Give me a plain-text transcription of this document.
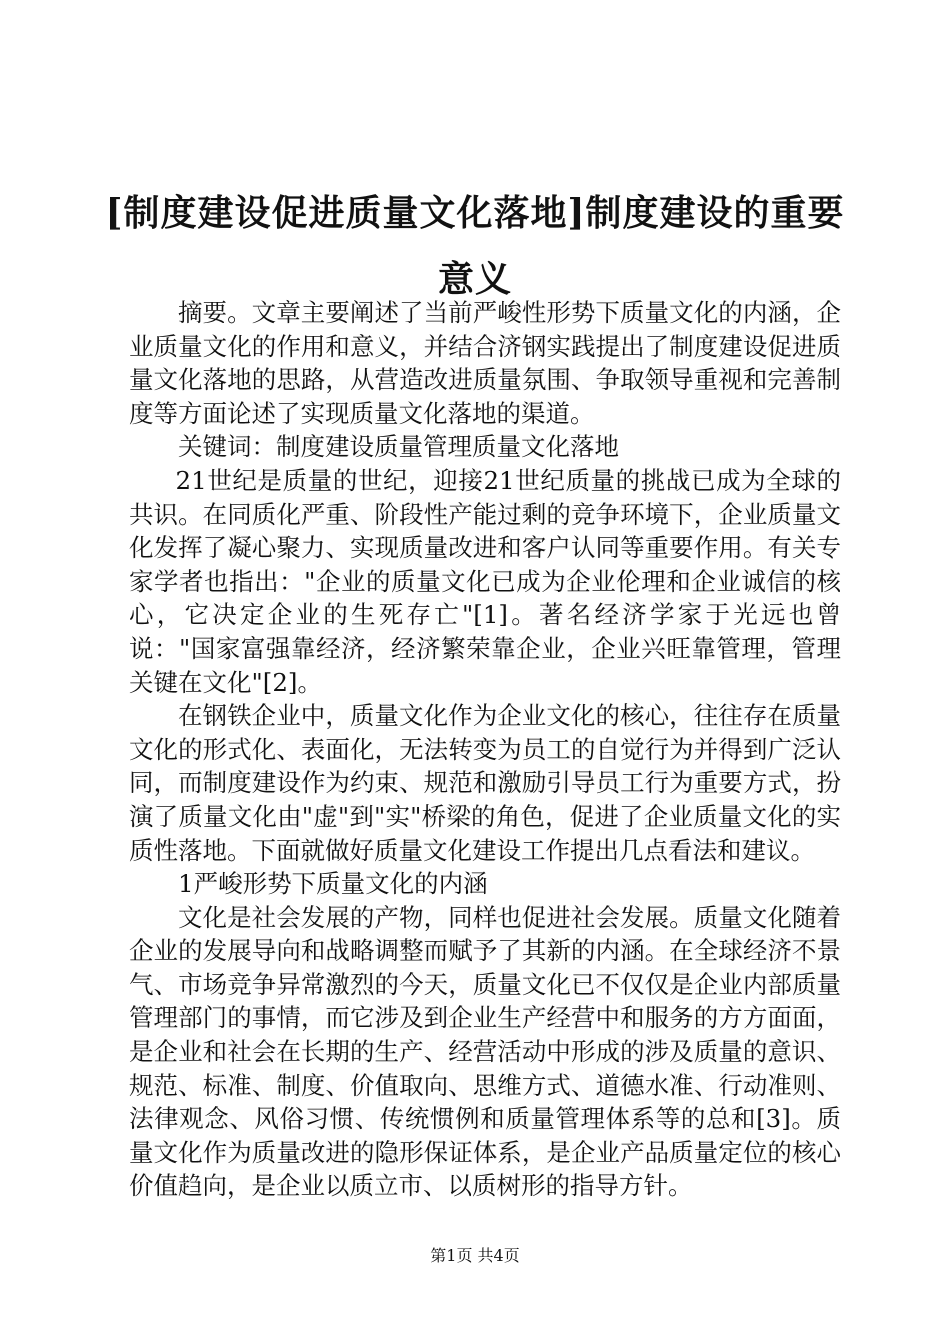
[制度建设促进质量文化落地]制度建设的重要意义

摘要。文章主要阐述了当前严峻性形势下质量文化的内涵，企业质量文化的作用和意义，并结合济钢实践提出了制度建设促进质量文化落地的思路，从营造改进质量氛围、争取领导重视和完善制度等方面论述了实现质量文化落地的渠道。

关键词：制度建设质量管理质量文化落地

21世纪是质量的世纪，迎接21世纪质量的挑战已成为全球的共识。在同质化严重、阶段性产能过剩的竞争环境下，企业质量文化发挥了凝心聚力、实现质量改进和客户认同等重要作用。有关专家学者也指出："企业的质量文化已成为企业伦理和企业诚信的核心，它决定企业的生死存亡"[1]。著名经济学家于光远也曾说："国家富强靠经济，经济繁荣靠企业，企业兴旺靠管理，管理关键在文化"[2]。

在钢铁企业中，质量文化作为企业文化的核心，往往存在质量文化的形式化、表面化，无法转变为员工的自觉行为并得到广泛认同，而制度建设作为约束、规范和激励引导员工行为重要方式，扮演了质量文化由"虚"到"实"桥梁的角色，促进了企业质量文化的实质性落地。下面就做好质量文化建设工作提出几点看法和建议。

1严峻形势下质量文化的内涵

文化是社会发展的产物，同样也促进社会发展。质量文化随着企业的发展导向和战略调整而赋予了其新的内涵。在全球经济不景气、市场竞争异常激烈的今天，质量文化已不仅仅是企业内部质量管理部门的事情，而它涉及到企业生产经营中和服务的方方面面，是企业和社会在长期的生产、经营活动中形成的涉及质量的意识、规范、标准、制度、价值取向、思维方式、道德水准、行动准则、法律观念、风俗习惯、传统惯例和质量管理体系等的总和[3]。质量文化作为质量改进的隐形保证体系，是企业产品质量定位的核心价值趋向，是企业以质立市、以质树形的指导方针。

第1页 共4页
